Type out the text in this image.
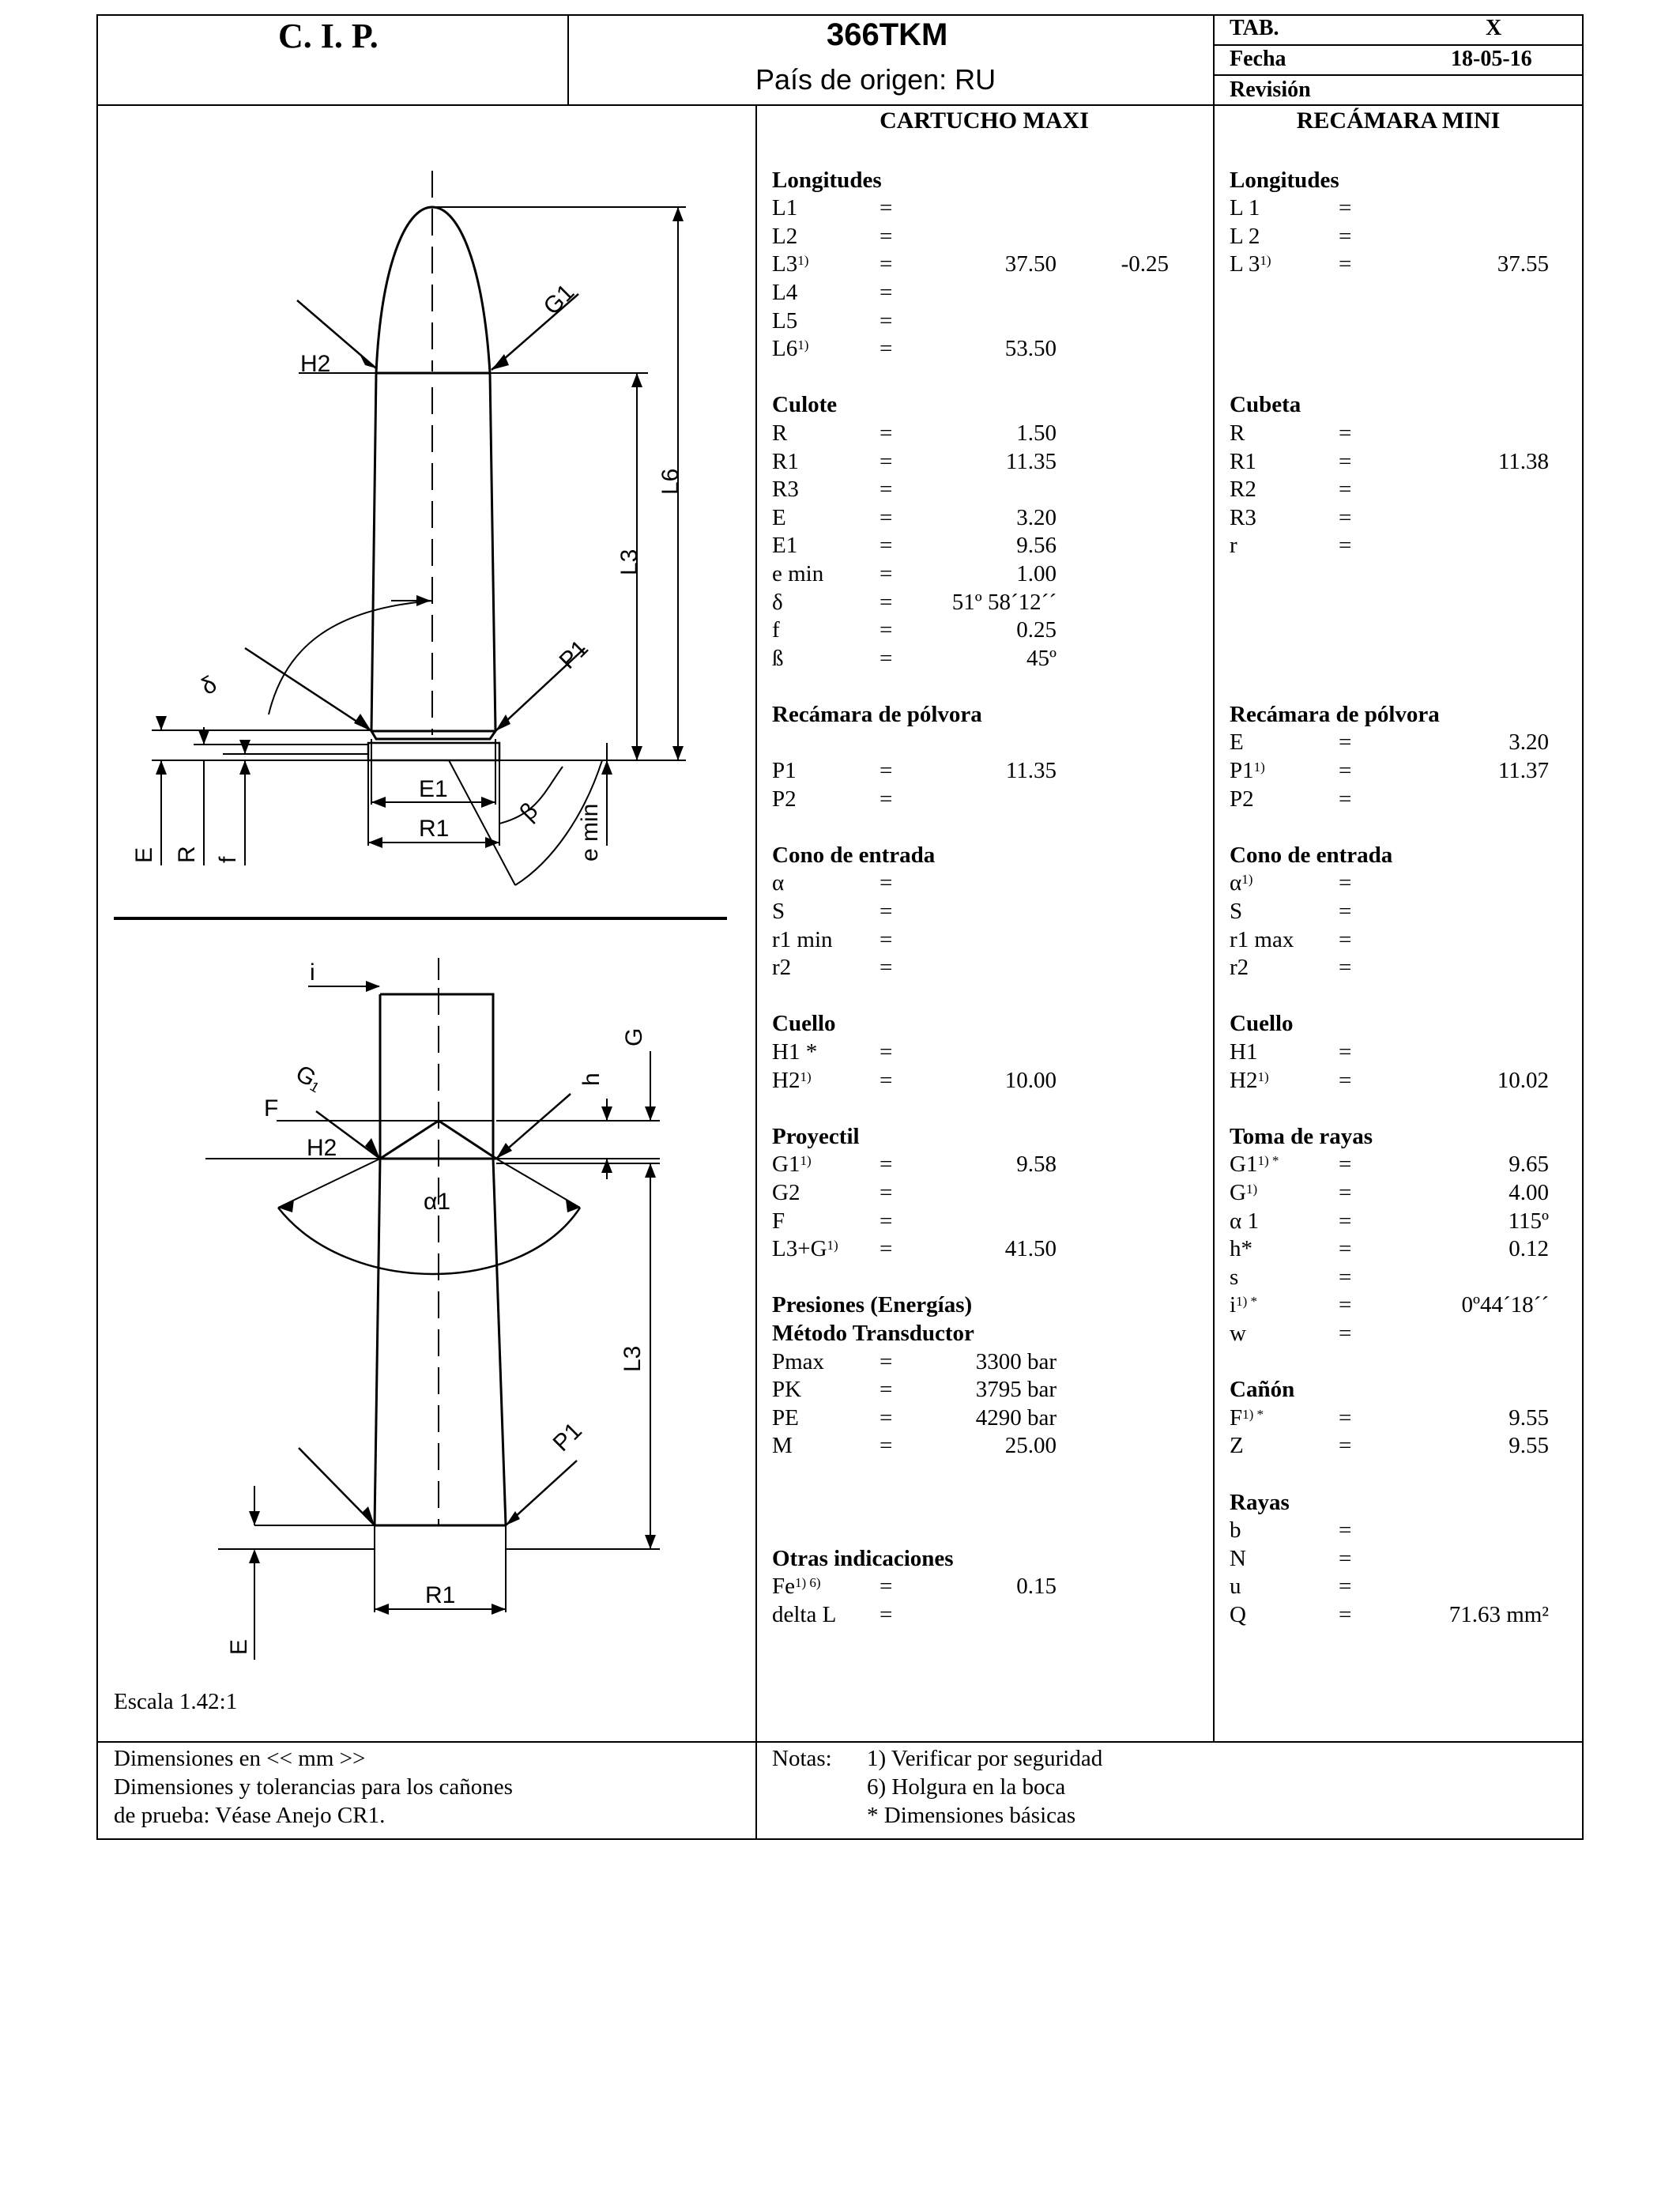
C. I. P.	366TKM
País de origen: RU
TAB.	X
Fecha	18-05-16
Revisión
CARTUCHO MAXI	RECÁMARA MINI
Longitudes
L1	=
L2	=
$L3^{1)}$	=	37.50	-0.25
L4	=
L5	=
$L6^{1)}$	=	53.50
Culote
R	=	1.50
R1	=	11.35
R3	=
E	=	3.20
E1	=	9.56
e min =	1.00
δ	=	51º 58´12´´
f	=	0.25
ß	=	45º
Recámara de pólvora
P1	=	11.35
P2	=
Cono de entrada
α	=
S	=
r1 min =
r2	=
Cuello
H1 *	=
$H2^{1)}$	=	10.00
Proyectil
$G1^{1)}$	=	9.58
G2	=
F	=
$L3+G^{1)}$ =	41.50
Presiones (Energías)
Método Transductor
Pmax =	3300 bar
PK	=	3795 bar
PE	=	4290 bar
M	=	25.00
Otras indicaciones
$Fe^{1) 6)}$	=	0.15
delta L =
Longitudes
L 1	=
L 2	=
L $3^{1)}$	=	37.55
Cubeta
R	=
R1	=	11.38
R2	=
R3	=
r	=
Recámara de pólvora
E	=	3.20
$P1^{1)}$	=	11.37
P2	=
Cono de entrada
$\alpha^{1)}$	=
S	=
r1 max =
r2	=
Cuello
H1	=
$H2^{1)}$	=	10.02
Toma de rayas
$G1^{1) *}$	=	9.65
$G^{1)}$	=	4.00
α 1	=	115º
h*	=	0.12
s	=
$i^{1) *}$	=	0º44´18´´
w	=
Cañón
$F^{1) *}$	=	9.55
Z	=	9.55
Rayas
b	=
N	=
u	=
Q	=	71.63 mm²
H2
G1
L6
L3
P1
δ
E1
R1
β e min
E R f
i
G
h
G₁
F
H2
α1
L3
P1
R1
E
Escala 1.42:1
Dimensiones en << mm >>
Dimensiones y tolerancias para los cañones
de prueba: Véase Anejo CR1.
Notas: 1) Verificar por seguridad
6) Holgura en la boca
* Dimensiones básicas
